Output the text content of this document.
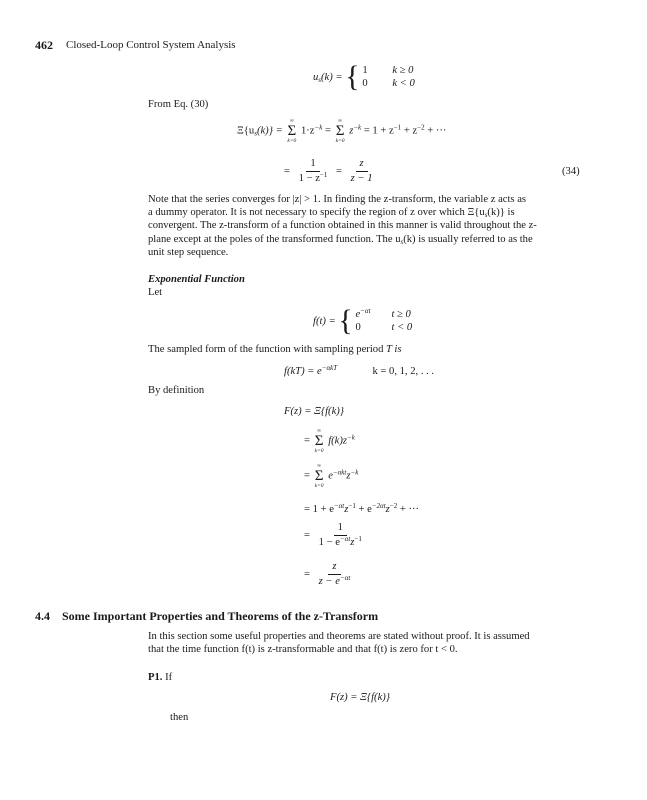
462 Closed-Loop Control System Analysis
$u_s(k)$ = { 1 k ≥ 0
0 k < 0
From Eq. (30)
$\Xi\{u_s(k)\}$ =
∞
Σ
k=0
$1\cdot z^{-k}$ =
∞
Σ
k=0
$z^{-k} = 1 + z^{-1} + z^{-2}$ + ···
= $\frac{1}{1 - z^{-1}} = \frac{z}{z - 1}$	(34)
Note that the series converges for |z| > 1. In finding the z-transform, the variable z acts as
a dummy operator. It is not necessary to specify the region of z over which $\Xi\{u_s(k)\}$ is
convergent. The z-transform of a function obtained in this manner is valid throughout the z-
plane except at the poles of the transformed function. The $u_s(k)$ is usually referred to as the
unit step sequence.
Exponential Function
Let
f(t) = { $e^{-\alpha t}$ t ≥ 0
0	t < 0
The sampled form of the function with sampling period T is
$f(kT) = e^{-\alpha kT}$	k = 0, 1, 2, . . .
By definition
F(z) = Ξ{f(k)}
=
∞
Σ
k=0
$f(k)z^{-k}$
=
∞
Σ
k=0
$e^{-\alpha kt}z^{-k}$
= $1 + e^{-\alpha t}z^{-1} + e^{-2\alpha t}z^{-2}$ + ···
= $\frac{1}{1 - e^{-\alpha t}z^{-1}}$
= $\frac{z}{z - e^{-\alpha t}}$
4.4 Some Important Properties and Theorems of the z-Transform
In this section some useful properties and theorems are stated without proof. It is assumed
that the time function f(t) is z-transformable and that f(t) is zero for t < 0.
P1. If
F(z) = Ξ{f(k)}
then
